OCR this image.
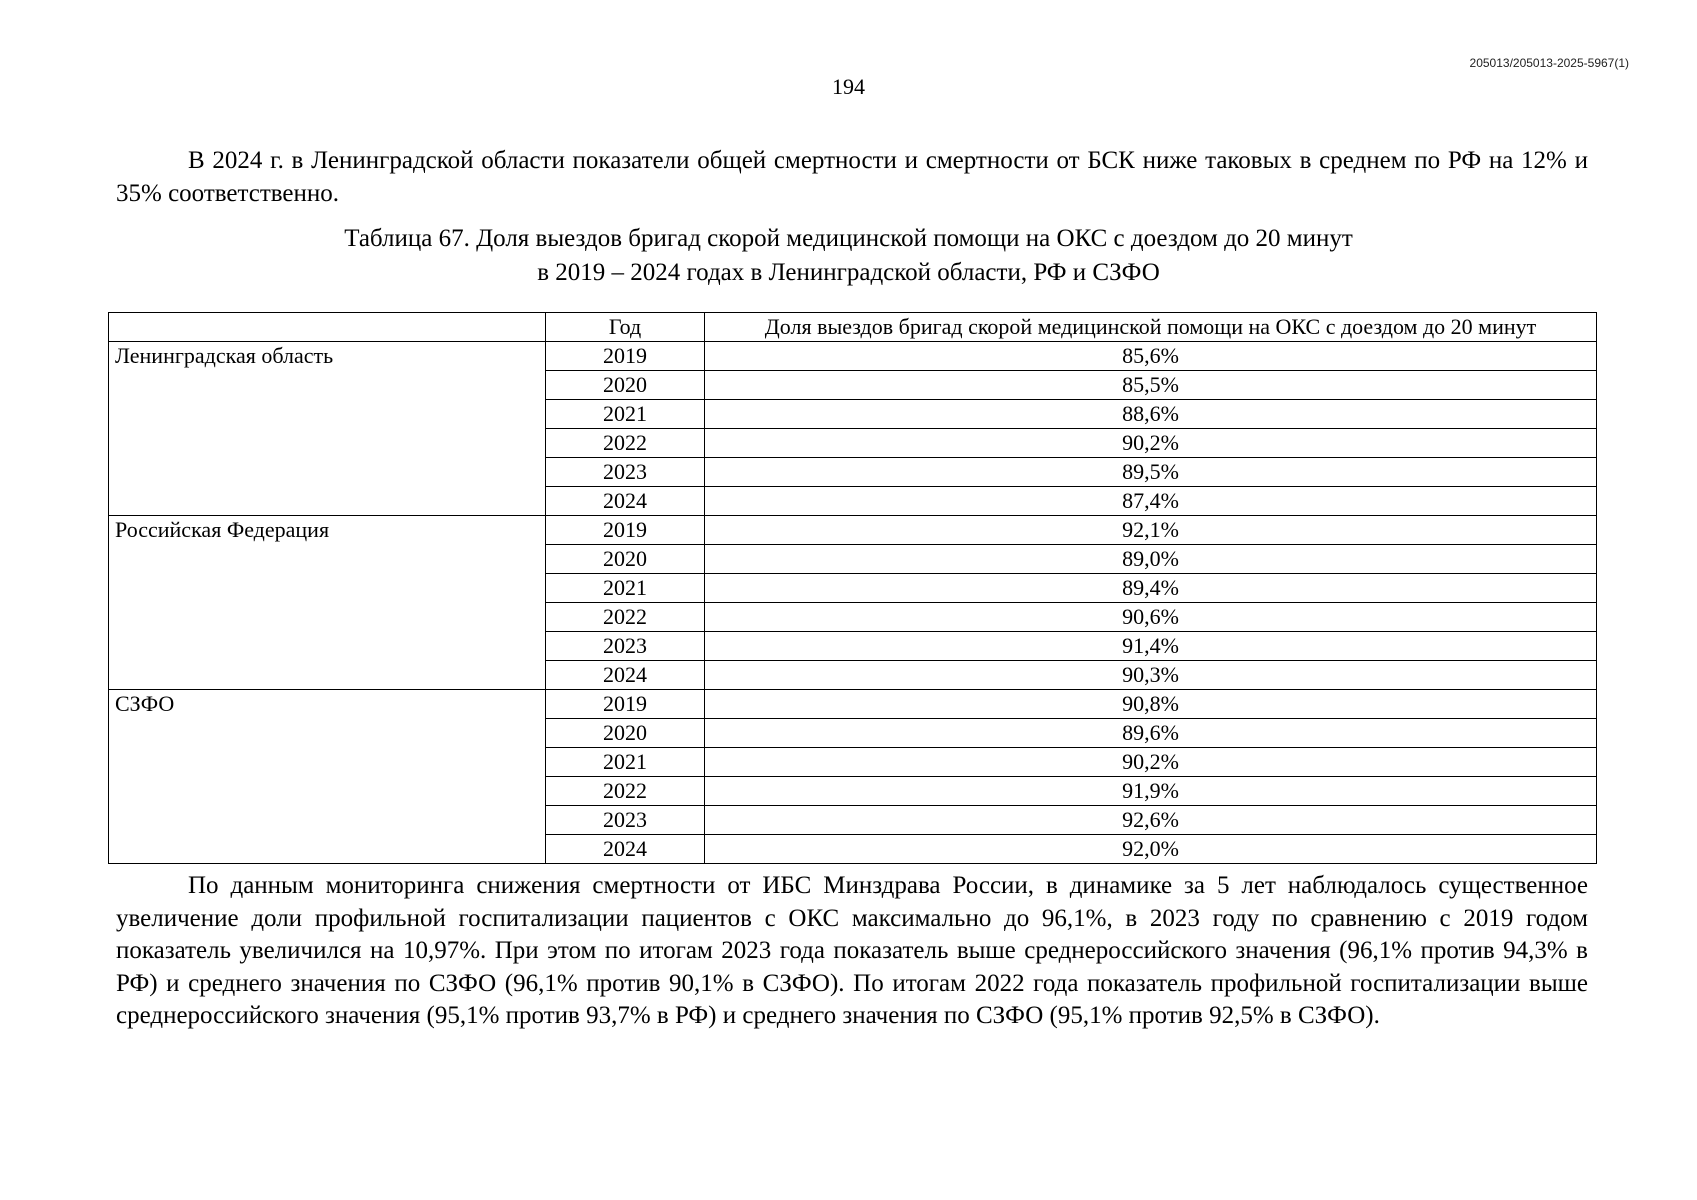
205013/205013-2025-5967(1)
194

В 2024 г. в Ленинградской области показатели общей смертности и смертности от БСК ниже таковых в среднем по РФ на 12% и 35% соответственно.

Таблица 67. Доля выездов бригад скорой медицинской помощи на ОКС с доездом до 20 минут
в 2019 – 2024 годах в Ленинградской области, РФ и СЗФО
	Год	Доля выездов бригад скорой медицинской помощи на ОКС с доездом до 20 минут
Ленинградская область	2019	85,6%
	2020	85,5%
	2021	88,6%
	2022	90,2%
	2023	89,5%
	2024	87,4%
Российская Федерация	2019	92,1%
	2020	89,0%
	2021	89,4%
	2022	90,6%
	2023	91,4%
	2024	90,3%
СЗФО	2019	90,8%
	2020	89,6%
	2021	90,2%
	2022	91,9%
	2023	92,6%
	2024	92,0%

По данным мониторинга снижения смертности от ИБС Минздрава России, в динамике за 5 лет наблюдалось существенное увеличение доли профильной госпитализации пациентов с ОКС максимально до 96,1%, в 2023 году по сравнению с 2019 годом показатель увеличился на 10,97%. При этом по итогам 2023 года показатель выше среднероссийского значения (96,1% против 94,3% в РФ) и среднего значения по СЗФО (96,1% против 90,1% в СЗФО). По итогам 2022 года показатель профильной госпитализации выше среднероссийского значения (95,1% против 93,7% в РФ) и среднего значения по СЗФО (95,1% против 92,5% в СЗФО).
